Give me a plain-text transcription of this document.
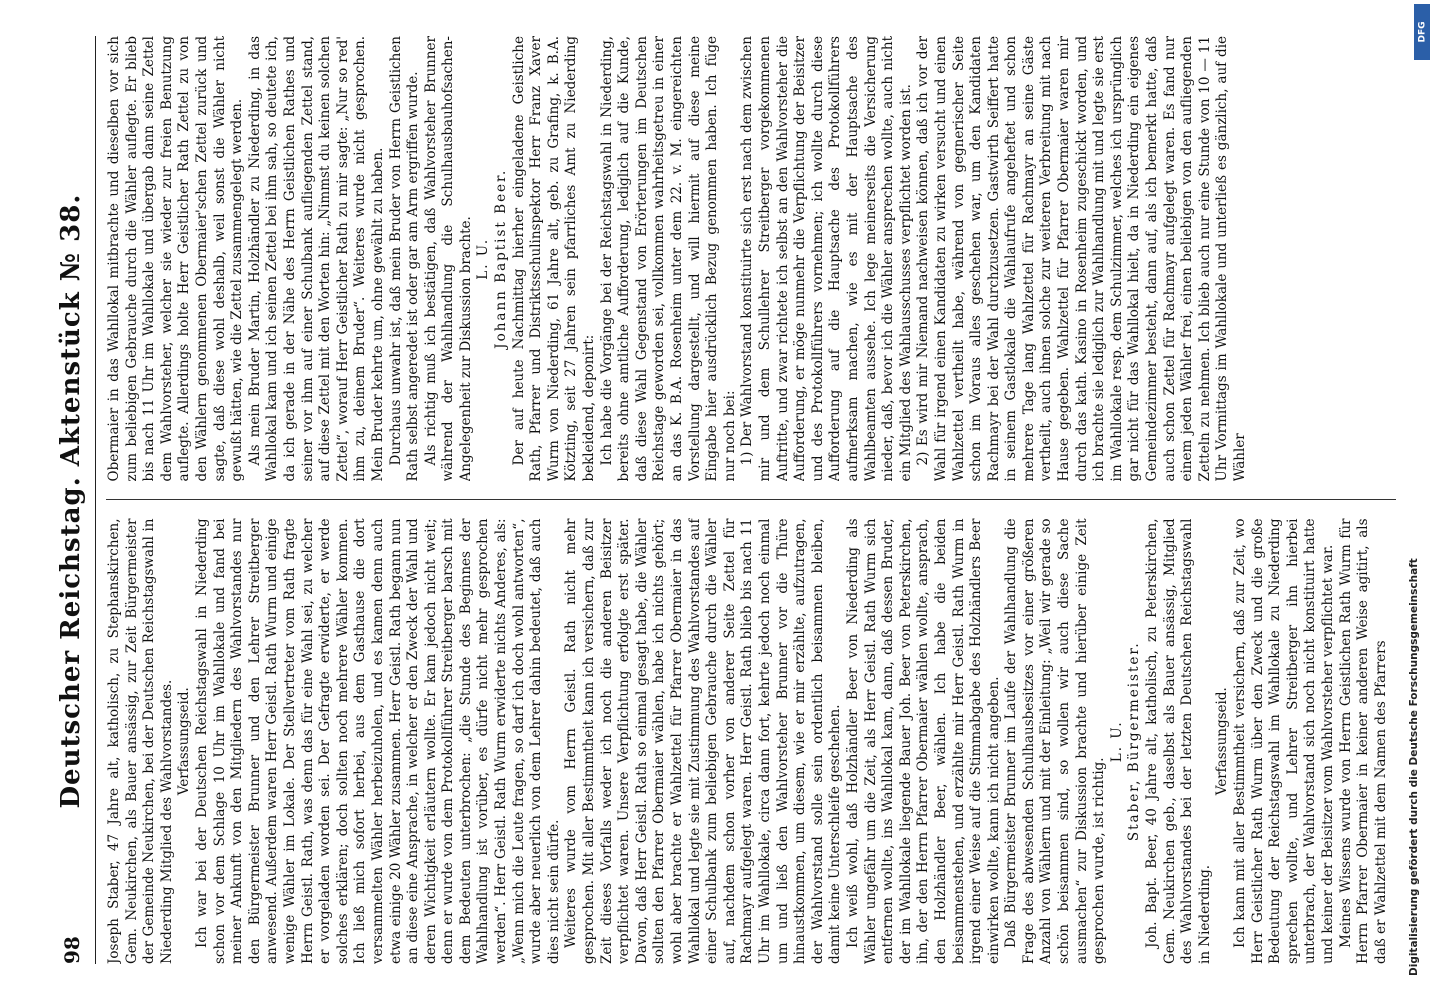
98
Deutscher Reichstag. Aktenstück № 38. Joseph Staber, 47 Jahre alt, katholisch, zu Stephanskirchen, Gem. Neukirchen, als Bauer ansässig, zur Zeit Bürgermeister der Gemeinde Neukirchen, bei der Deutschen Reichstagswahl in Niederding Mitglied des Wahlvorstandes. Verfassungseid. Ich war bei der Deutschen Reichstagswahl in Niederding schon vor dem Schlage 10 Uhr im Wahllokale und fand bei meiner Ankunft von den Mitgliedern des Wahlvorstandes nur den Bürgermeister Brunner und den Lehrer Streitberger anwesend. Außerdem waren Herr Geistl. Rath Wurm und einige wenige Wähler im Lokale. Der Stellvertreter vom Rath fragte Herrn Geistl. Rath, was denn das für eine Wahl sei, zu welcher er vorgeladen worden sei. Der Gefragte erwiderte, er werde solches erklären; doch sollten noch mehrere Wähler kommen. Ich ließ mich sofort herbei, aus dem Gasthause die dort versammelten Wähler herbeizuholen, und es kamen denn auch etwa einige 20 Wähler zusammen. Herr Geistl. Rath begann nun an diese eine Ansprache, in welcher er den Zweck der Wahl und deren Wichtigkeit erläutern wollte. Er kam jedoch nicht weit; denn er wurde von dem Protokollführer Streitberger barsch mit dem Bedeuten unterbrochen: „die Stunde des Beginnes der Wahlhandlung ist vorüber, es dürfe nicht mehr gesprochen werden“. Herr Geistl. Rath Wurm erwiderte nichts Anderes, als: „Wenn mich die Leute fragen, so darf ich doch wohl antworten“, wurde aber neuerlich von dem Lehrer dahin bedeutet, daß auch dies nicht sein dürfe. Weiteres wurde vom Herrn Geistl. Rath nicht mehr gesprochen. Mit aller Bestimmtheit kann ich versichern, daß zur Zeit dieses Vorfalls weder ich noch die anderen Beisitzer verpflichtet waren. Unsere Verpflichtung erfolgte erst später. Davon, daß Herr Geistl. Rath so einmal gesagt habe, die Wähler sollten den Pfarrer Obermaier wählen, habe ich nichts gehört; wohl aber brachte er Wahlzettel für Pfarrer Obermaier in das Wahllokal und legte sie mit Zustimmung des Wahlvorstandes auf einer Schulbank zum beliebigen Gebrauche durch die Wähler auf, nachdem schon vorher von anderer Seite Zettel für Rachmayr aufgelegt waren. Herr Geistl. Rath blieb bis nach 11 Uhr im Wahllokale, circa dann fort, kehrte jedoch noch einmal um und ließ den Wahlvorsteher Brunner vor die Thüre hinaustkommen, um diesem, wie er mir erzählte, aufzutragen, der Wahlvorstand solle sein ordentlich beisammen bleiben, damit keine Unterschleife geschehen. Ich weiß wohl, daß Holzhändler Beer von Niederding als Wähler ungefähr um die Zeit, als Herr Geistl. Rath Wurm sich entfernen wollte, ins Wahllokal kam, dann, daß dessen Bruder, der im Wahllokale liegende Bauer Joh. Beer von Peterskirchen, ihn, der den Herrn Pfarrer Obermaier wählen wollte, ansprach, den Holzhändler Beer, wählen. Ich habe die beiden beisammenstehen, und erzählte mir Herr Geistl. Rath Wurm in irgend einer Weise auf die Stimmabgabe des Holzhändlers Beer einwirken wollte, kann ich nicht angeben. Daß Bürgermeister Brunner im Laufe der Wahlhandlung die Frage des abwesenden Schulhausbesitzes vor einer größeren Anzahl von Wählern und mit der Einleitung: „Weil wir gerade so schön beisammen sind, so wollen wir auch diese Sache ausmachen“ zur Diskussion brachte und hierüber einige Zeit gesprochen wurde, ist richtig.

L. U. Staber, Bürgermeister. Joh. Bapt. Beer, 40 Jahre alt, katholisch, zu Peterskirchen, Gem. Neukirchen geb., daselbst als Bauer ansässig, Mitglied des Wahlvorstandes bei der letzten Deutschen Reichstagswahl in Niederding.

Verfassungseid. Ich kann mit aller Bestimmtheit versichern, daß zur Zeit, wo Herr Geistlicher Rath Wurm über den Zweck und die große Bedeutung der Reichstagswahl im Wahllokale zu Niederding sprechen wollte, und Lehrer Streitberger ihn hierbei unterbrach, der Wahlvorstand sich noch nicht konstituirt hatte und keiner der Beisitzer vom Wahlvorsteher verpflichtet war. Meines Wissens wurde von Herrn Geistlichen Rath Wurm für Herrn Pfarrer Obermaier in keiner anderen Weise agitirt, als daß er Wahlzettel mit dem Namen des Pfarrers

Obermaier in das Wahllokal mitbrachte und dieselben vor sich zum beliebigen Gebrauche durch die Wähler auflegte. Er blieb bis nach 11 Uhr im Wahllokale und übergab dann seine Zettel dem Wahlvorsteher, welcher sie wieder zur freien Benutzung auflegte. Allerdings holte Herr Geistlicher Rath Zettel zu von den Wählern genommenen Obermaier'schen Zettel zurück und sagte, daß diese wohl deshalb, weil sonst die Wähler nicht gewußt hätten, wie die Zettel zusammengelegt werden. Als mein Bruder Martin, Holzhändler zu Niederding, in das Wahllokal kam und ich seinen Zettel bei ihm sah, so deutete ich, da ich gerade in der Nähe des Herrn Geistlichen Rathes und seiner vor ihm auf einer Schulbank aufliegenden Zettel stand, auf diese Zettel mit den Worten hin: „Nimmst du keinen solchen Zettel“, worauf Herr Geistlicher Rath zu mir sagte: „Nur so red' ihm zu, deinem Bruder“. Weiteres wurde nicht gesprochen. Mein Bruder kehrte um, ohne gewählt zu haben. Durchaus unwahr ist, daß mein Bruder von Herrn Geistlichen Rath selbst angeredet ist oder gar am Arm ergriffen wurde. Als richtig muß ich bestätigen, daß Wahlvorsteher Brunner während der Wahlhandlung die Schulhausbauhofsachen-Angelegenheit zur Diskussion brachte. L. U. Johann Baptist Beer. Der auf heute Nachmittag hierher eingeladene Geistliche Rath, Pfarrer und Distriktsschulinspektor Herr Franz Xaver Wurm von Niederding, 61 Jahre alt, geb. zu Grafing, k. B.A. Kötzting, seit 27 Jahren sein pfarrliches Amt zu Niederding bekleidend, deponirt: Ich habe die Vorgänge bei der Reichstagswahl in Niederding, bereits ohne amtliche Aufforderung, lediglich auf die Kunde, daß diese Wahl Gegenstand von Erörterungen im Deutschen Reichstage geworden sei, vollkommen wahrheitsgetreu in einer an das K. B.A. Rosenheim unter dem 22. v. M. eingereichten Vorstellung dargestellt, und will hiermit auf diese meine Eingabe hier ausdrücklich Bezug genommen haben. Ich füge nur noch bei: 1) Der Wahlvorstand konstituirte sich erst nach dem zwischen mir und dem Schullehrer Streitberger vorgekommenen Auftritte, und zwar richtete ich selbst an den Wahlvorsteher die Aufforderung, er möge nunmehr die Verpflichtung der Beisitzer und des Protokollführers vornehmen; ich wollte durch diese Aufforderung auf die Hauptsache des Protokollführers aufmerksam machen, wie es mit der Hauptsache des Wahlbeamten aussehe. Ich lege meinerseits die Versicherung nieder, daß, bevor ich die Wähler ansprechen wollte, auch nicht ein Mitglied des Wahlausschusses verpflichtet worden ist. 2) Es wird mir Niemand nachweisen können, daß ich vor der Wahl für irgend einen Kandidaten zu wirken versucht und einen Wahlzettel vertheilt habe, während von gegnerischer Seite schon im Voraus alles geschehen war, um den Kandidaten Rachmayr bei der Wahl durchzusetzen. Gastwirth Seiffert hatte in seinem Gastlokale die Wahlaufrufe angeheftet und schon mehrere Tage lang Wahlzettel für Rachmayr an seine Gäste vertheilt, auch ihnen solche zur weiteren Verbreitung mit nach Hause gegeben. Wahlzettel für Pfarrer Obermaier waren mir durch das kath. Kasino in Rosenheim zugeschickt worden, und ich brachte sie lediglich zur Wahlhandlung mit und legte sie erst im Wahllokale resp. dem Schulzimmer, welches ich ursprünglich gar nicht für das Wahllokal hielt, da in Niederding ein eigenes Gemeindezimmer besteht, dann auf, als ich bemerkt hatte, daß auch schon Zettel für Rachmayr aufgelegt waren. Es fand nur einem jeden Wähler frei, einen beliebigen von den aufliegenden Zetteln zu nehmen. Ich blieb auch nur eine Stunde von 10 — 11 Uhr Vormittags im Wahllokale und unterließ es gänzlich, auf die Wähler

Digitalisierung gefördert durch die Deutsche Forschungsgemeinschaft
DFG
